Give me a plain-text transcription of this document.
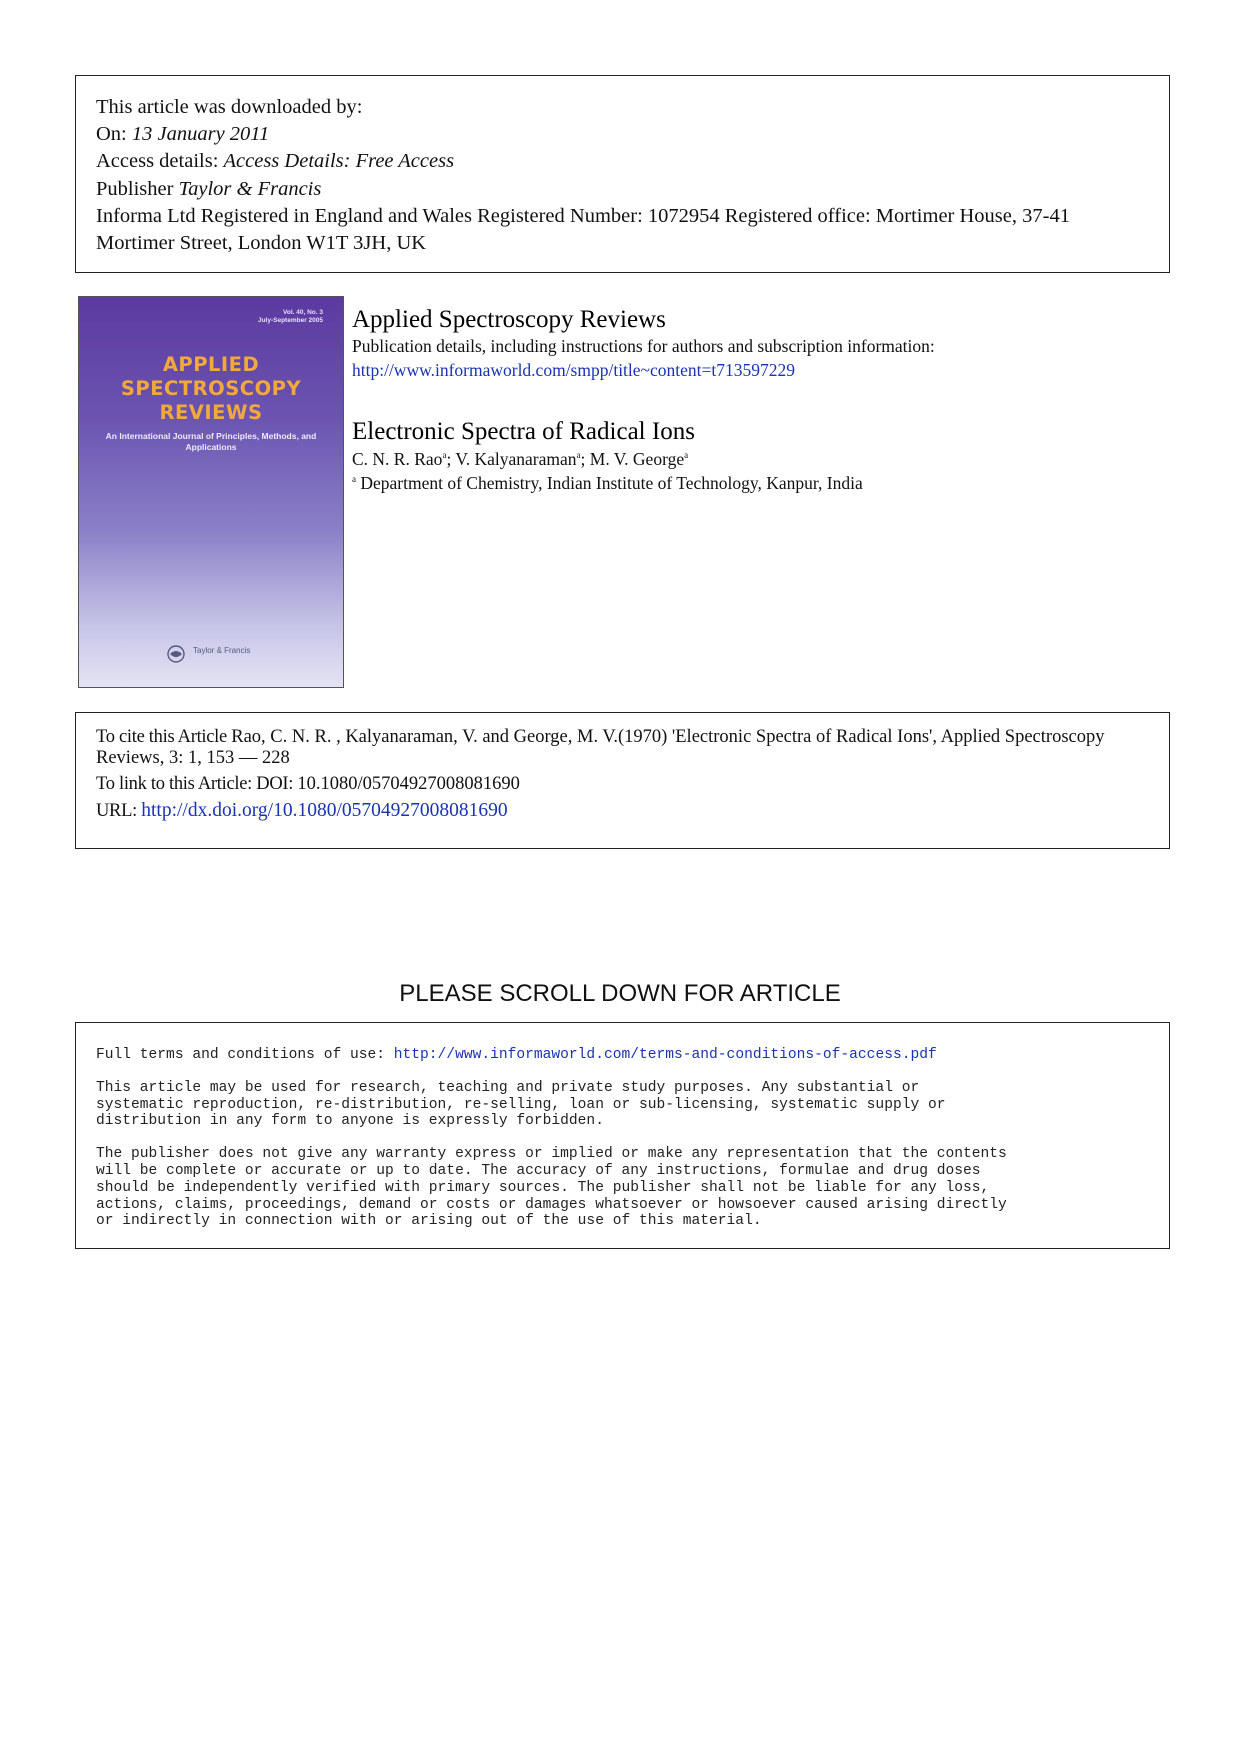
This article was downloaded by:
On: 13 January 2011
Access details: Access Details: Free Access
Publisher Taylor & Francis
Informa Ltd Registered in England and Wales Registered Number: 1072954 Registered office: Mortimer House, 37-41 Mortimer Street, London W1T 3JH, UK
Vol. 40, No. 3
July-September 2005
APPLIED
SPECTROSCOPY
REVIEWS
An International Journal of Principles, Methods, and Applications
Taylor & Francis
Applied Spectroscopy Reviews
Publication details, including instructions for authors and subscription information:
http://www.informaworld.com/smpp/title~content=t713597229
Electronic Spectra of Radical Ions
C. N. R. Rao$^a$; V. Kalyanaraman$^a$; M. V. George$^a$
$^a$ Department of Chemistry, Indian Institute of Technology, Kanpur, India
To cite this Article Rao, C. N. R. , Kalyanaraman, V. and George, M. V.(1970) 'Electronic Spectra of Radical Ions', Applied Spectroscopy Reviews, 3: 1, 153 — 228
To link to this Article: DOI: 10.1080/05704927008081690
URL: http://dx.doi.org/10.1080/05704927008081690
PLEASE SCROLL DOWN FOR ARTICLE

Full terms and conditions of use: http://www.informaworld.com/terms-and-conditions-of-access.pdf

This article may be used for research, teaching and private study purposes. Any substantial or
systematic reproduction, re-distribution, re-selling, loan or sub-licensing, systematic supply or
distribution in any form to anyone is expressly forbidden.

The publisher does not give any warranty express or implied or make any representation that the contents
will be complete or accurate or up to date. The accuracy of any instructions, formulae and drug doses
should be independently verified with primary sources. The publisher shall not be liable for any loss,
actions, claims, proceedings, demand or costs or damages whatsoever or howsoever caused arising directly
or indirectly in connection with or arising out of the use of this material.
